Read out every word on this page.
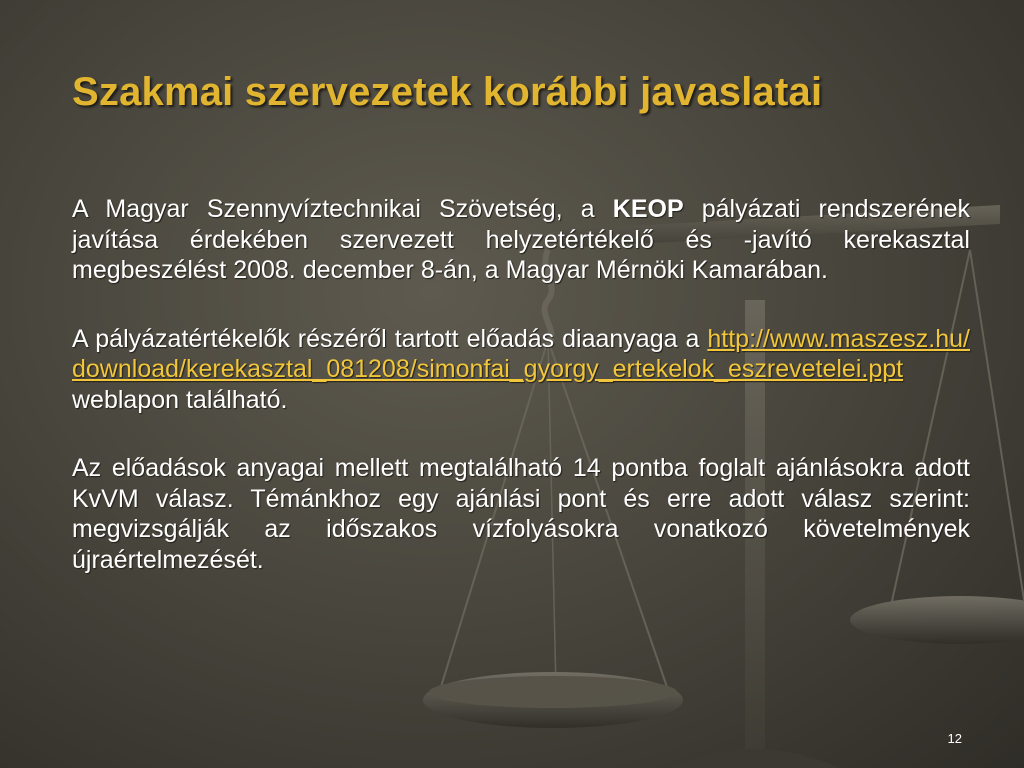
Szakmai szervezetek korábbi javaslatai

A Magyar Szennyvíztechnikai Szövetség, a KEOP pályázati rendszerének javítása érdekében szervezett helyzetértékelő és -javító kerekasztal megbeszélést 2008. december 8-án, a Magyar Mérnöki Kamarában.

A pályázatértékelők részéről tartott előadás diaanyaga a http://www.maszesz.hu/download/kerekasztal_081208/simonfai_gyorgy_ertekelok_eszrevetelei.ppt weblapon található.

Az előadások anyagai mellett megtalálható 14 pontba foglalt ajánlásokra adott KvVM válasz. Témánkhoz egy ajánlási pont és erre adott válasz szerint: megvizsgálják az időszakos vízfolyásokra vonatkozó követelmények újraértelmezését.

12
